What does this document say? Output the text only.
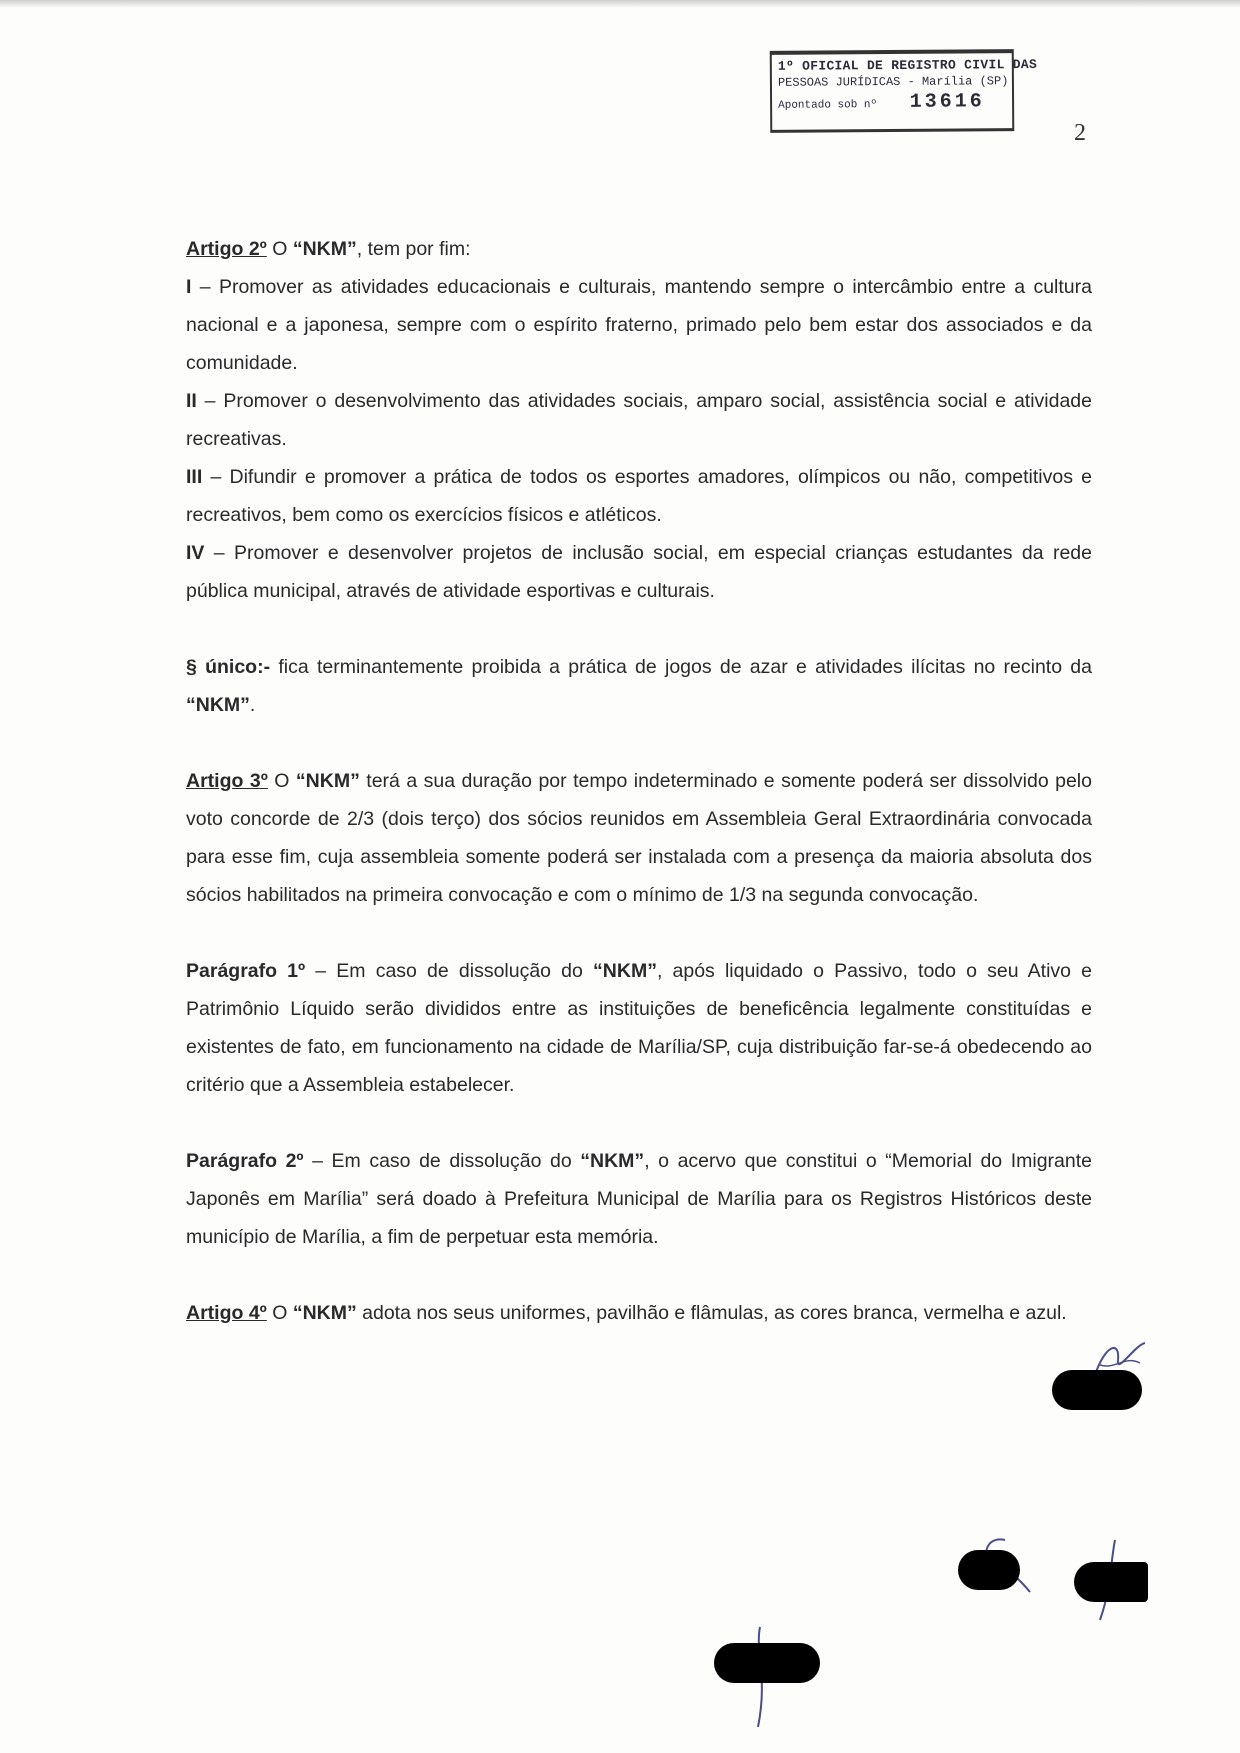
1º OFICIAL DE REGISTRO CIVIL DAS
PESSOAS JURÍDICAS - Marília (SP)
Apontado sob nº 13616
2

Artigo 2º O “NKM”, tem por fim:

I – Promover as atividades educacionais e culturais, mantendo sempre o intercâmbio entre a cultura nacional e a japonesa, sempre com o espírito fraterno, primado pelo bem estar dos associados e da comunidade.

II – Promover o desenvolvimento das atividades sociais, amparo social, assistência social e atividade recreativas.

III – Difundir e promover a prática de todos os esportes amadores, olímpicos ou não, competitivos e recreativos, bem como os exercícios físicos e atléticos.

IV – Promover e desenvolver projetos de inclusão social, em especial crianças estudantes da rede pública municipal, através de atividade esportivas e culturais.

§ único:- fica terminantemente proibida a prática de jogos de azar e atividades ilícitas no recinto da “NKM”.

Artigo 3º O “NKM” terá a sua duração por tempo indeterminado e somente poderá ser dissolvido pelo voto concorde de 2/3 (dois terço) dos sócios reunidos em Assembleia Geral Extraordinária convocada para esse fim, cuja assembleia somente poderá ser instalada com a presença da maioria absoluta dos sócios habilitados na primeira convocação e com o mínimo de 1/3 na segunda convocação.

Parágrafo 1º – Em caso de dissolução do “NKM”, após liquidado o Passivo, todo o seu Ativo e Patrimônio Líquido serão divididos entre as instituições de beneficência legalmente constituídas e existentes de fato, em funcionamento na cidade de Marília/SP, cuja distribuição far-se-á obedecendo ao critério que a Assembleia estabelecer.

Parágrafo 2º – Em caso de dissolução do “NKM”, o acervo que constitui o “Memorial do Imigrante Japonês em Marília” será doado à Prefeitura Municipal de Marília para os Registros Históricos deste município de Marília, a fim de perpetuar esta memória.

Artigo 4º O “NKM” adota nos seus uniformes, pavilhão e flâmulas, as cores branca, vermelha e azul.
